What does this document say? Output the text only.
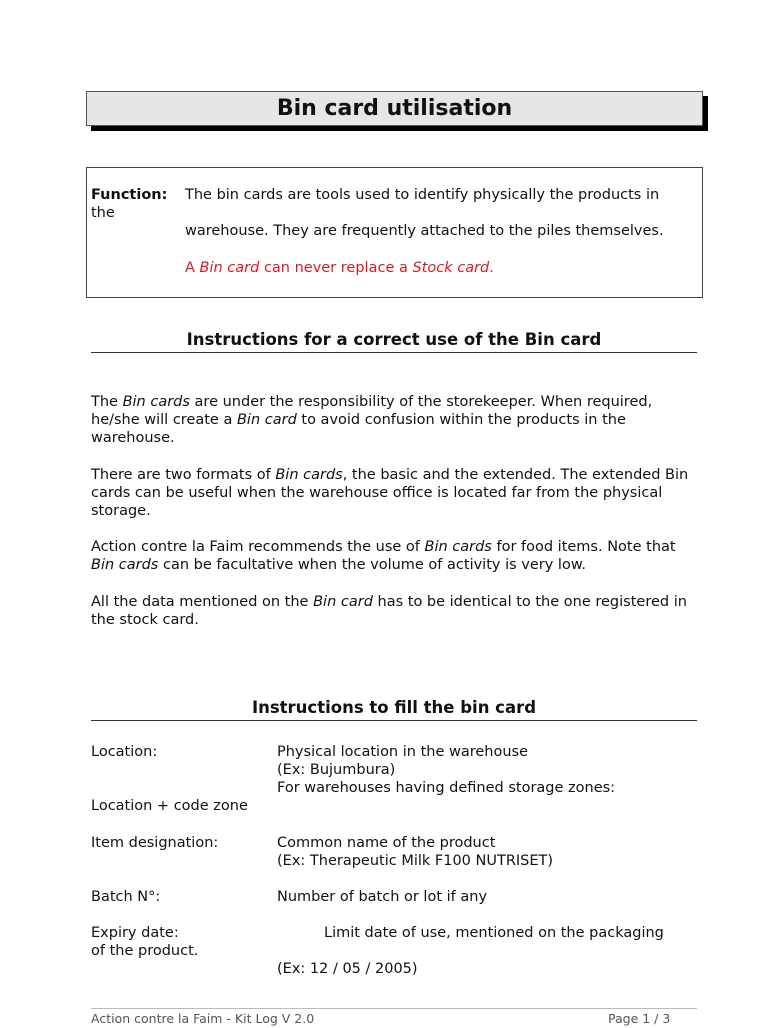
Bin card utilisation
Function: The bin cards are tools used to identify physically the products in
the
warehouse. They are frequently attached to the piles themselves.
A Bin card can never replace a Stock card.
Instructions for a correct use of the Bin card
The Bin cards are under the responsibility of the storekeeper. When required, he/she will create a Bin card to avoid confusion within the products in the warehouse.
There are two formats of Bin cards, the basic and the extended. The extended Bin cards can be useful when the warehouse office is located far from the physical storage.
Action contre la Faim recommends the use of Bin cards for food items. Note that Bin cards can be facultative when the volume of activity is very low.
All the data mentioned on the Bin card has to be identical to the one registered in the stock card.
Instructions to fill the bin card
Location:	Physical location in the warehouse
(Ex: Bujumbura)
For warehouses having defined storage zones:
Location + code zone
Item designation:	Common name of the product
(Ex: Therapeutic Milk F100 NUTRISET)
Batch N°:	Number of batch or lot if any
Expiry date:	Limit date of use, mentioned on the packaging
of the product.
(Ex: 12 / 05 / 2005)
Action contre la Faim - Kit Log V 2.0	Page 1 / 3
